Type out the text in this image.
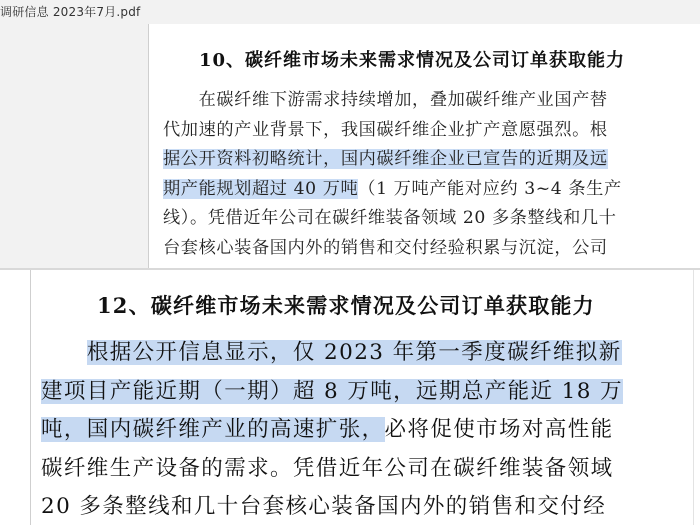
调研信息 2023年7月.pdf
10、碳纤维市场未来需求情况及公司订单获取能力
　　在碳纤维下游需求持续增加，叠加碳纤维产业国产替
代加速的产业背景下，我国碳纤维企业扩产意愿强烈。根
据公开资料初略统计，国内碳纤维企业已宣告的近期及远
期产能规划超过 40 万吨（1 万吨产能对应约 3~4 条生产
线）。凭借近年公司在碳纤维装备领域 20 多条整线和几十
台套核心装备国内外的销售和交付经验积累与沉淀，公司
12、碳纤维市场未来需求情况及公司订单获取能力
　　根据公开信息显示，仅 2023 年第一季度碳纤维拟新
建项目产能近期（一期）超 8 万吨，远期总产能近 18 万
吨，国内碳纤维产业的高速扩张，必将促使市场对高性能
碳纤维生产设备的需求。凭借近年公司在碳纤维装备领域
20 多条整线和几十台套核心装备国内外的销售和交付经
